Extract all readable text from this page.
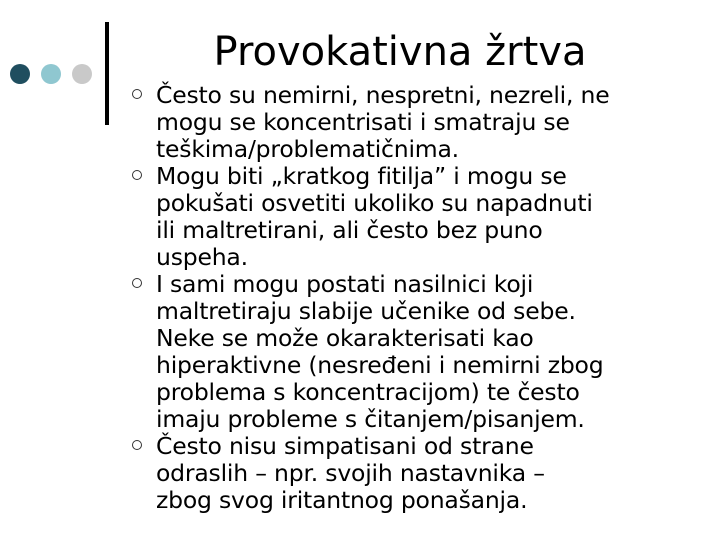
Provokativna žrtva
Često su nemirni, nespretni, nezreli, ne
mogu se koncentrisati i smatraju se
teškima/problematičnima.
Mogu biti „kratkog fitilja” i mogu se
pokušati osvetiti ukoliko su napadnuti
ili maltretirani, ali često bez puno
uspeha.
I sami mogu postati nasilnici koji
maltretiraju slabije učenike od sebe.
Neke se može okarakterisati kao
hiperaktivne (nesređeni i nemirni zbog
problema s koncentracijom) te često
imaju probleme s čitanjem/pisanjem.
Često nisu simpatisani od strane
odraslih – npr. svojih nastavnika –
zbog svog iritantnog ponašanja.
